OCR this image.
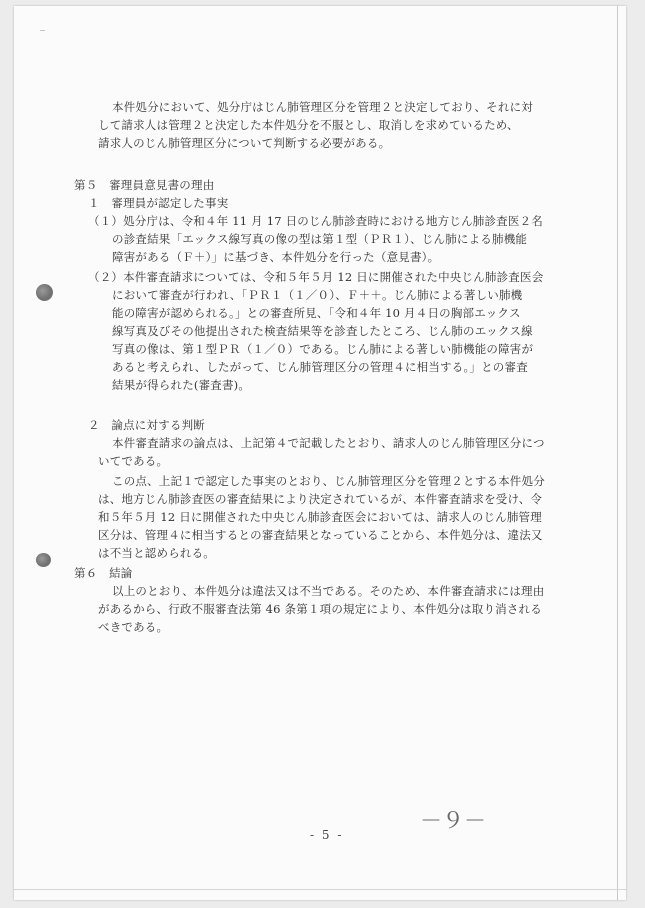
‾
本件処分において、処分庁はじん肺管理区分を管理２と決定しており、それに対
して請求人は管理２と決定した本件処分を不服とし、取消しを求めているため、
請求人のじん肺管理区分について判断する必要がある。
第５　審理員意見書の理由
１　審理員が認定した事実
（１）処分庁は、令和４年 11 月 17 日のじん肺診査時における地方じん肺診査医２名
の診査結果「エックス線写真の像の型は第１型（ＰＲ１）、じん肺による肺機能
障害がある（Ｆ＋）」に基づき、本件処分を行った（意見書）。
（２）本件審査請求については、令和５年５月 12 日に開催された中央じん肺診査医会
において審査が行われ、「ＰＲ１（１／０）、Ｆ＋＋。じん肺による著しい肺機
能の障害が認められる。」との審査所見、「令和４年 10 月４日の胸部エックス
線写真及びその他提出された検査結果等を診査したところ、じん肺のエックス線
写真の像は、第１型ＰＲ（１／０）である。じん肺による著しい肺機能の障害が
あると考えられ、したがって、じん肺管理区分の管理４に相当する。」との審査
結果が得られた(審査書)。
２　論点に対する判断
本件審査請求の論点は、上記第４で記載したとおり、請求人のじん肺管理区分につ
いてである。
この点、上記１で認定した事実のとおり、じん肺管理区分を管理２とする本件処分
は、地方じん肺診査医の審査結果により決定されているが、本件審査請求を受け、令
和５年５月 12 日に開催された中央じん肺診査医会においては、請求人のじん肺管理
区分は、管理４に相当するとの審査結果となっていることから、本件処分は、違法又
は不当と認められる。
第６　結論
以上のとおり、本件処分は違法又は不当である。そのため、本件審査請求には理由
があるから、行政不服審査法第 46 条第１項の規定により、本件処分は取り消される
べきである。
－９－
- 5 -
